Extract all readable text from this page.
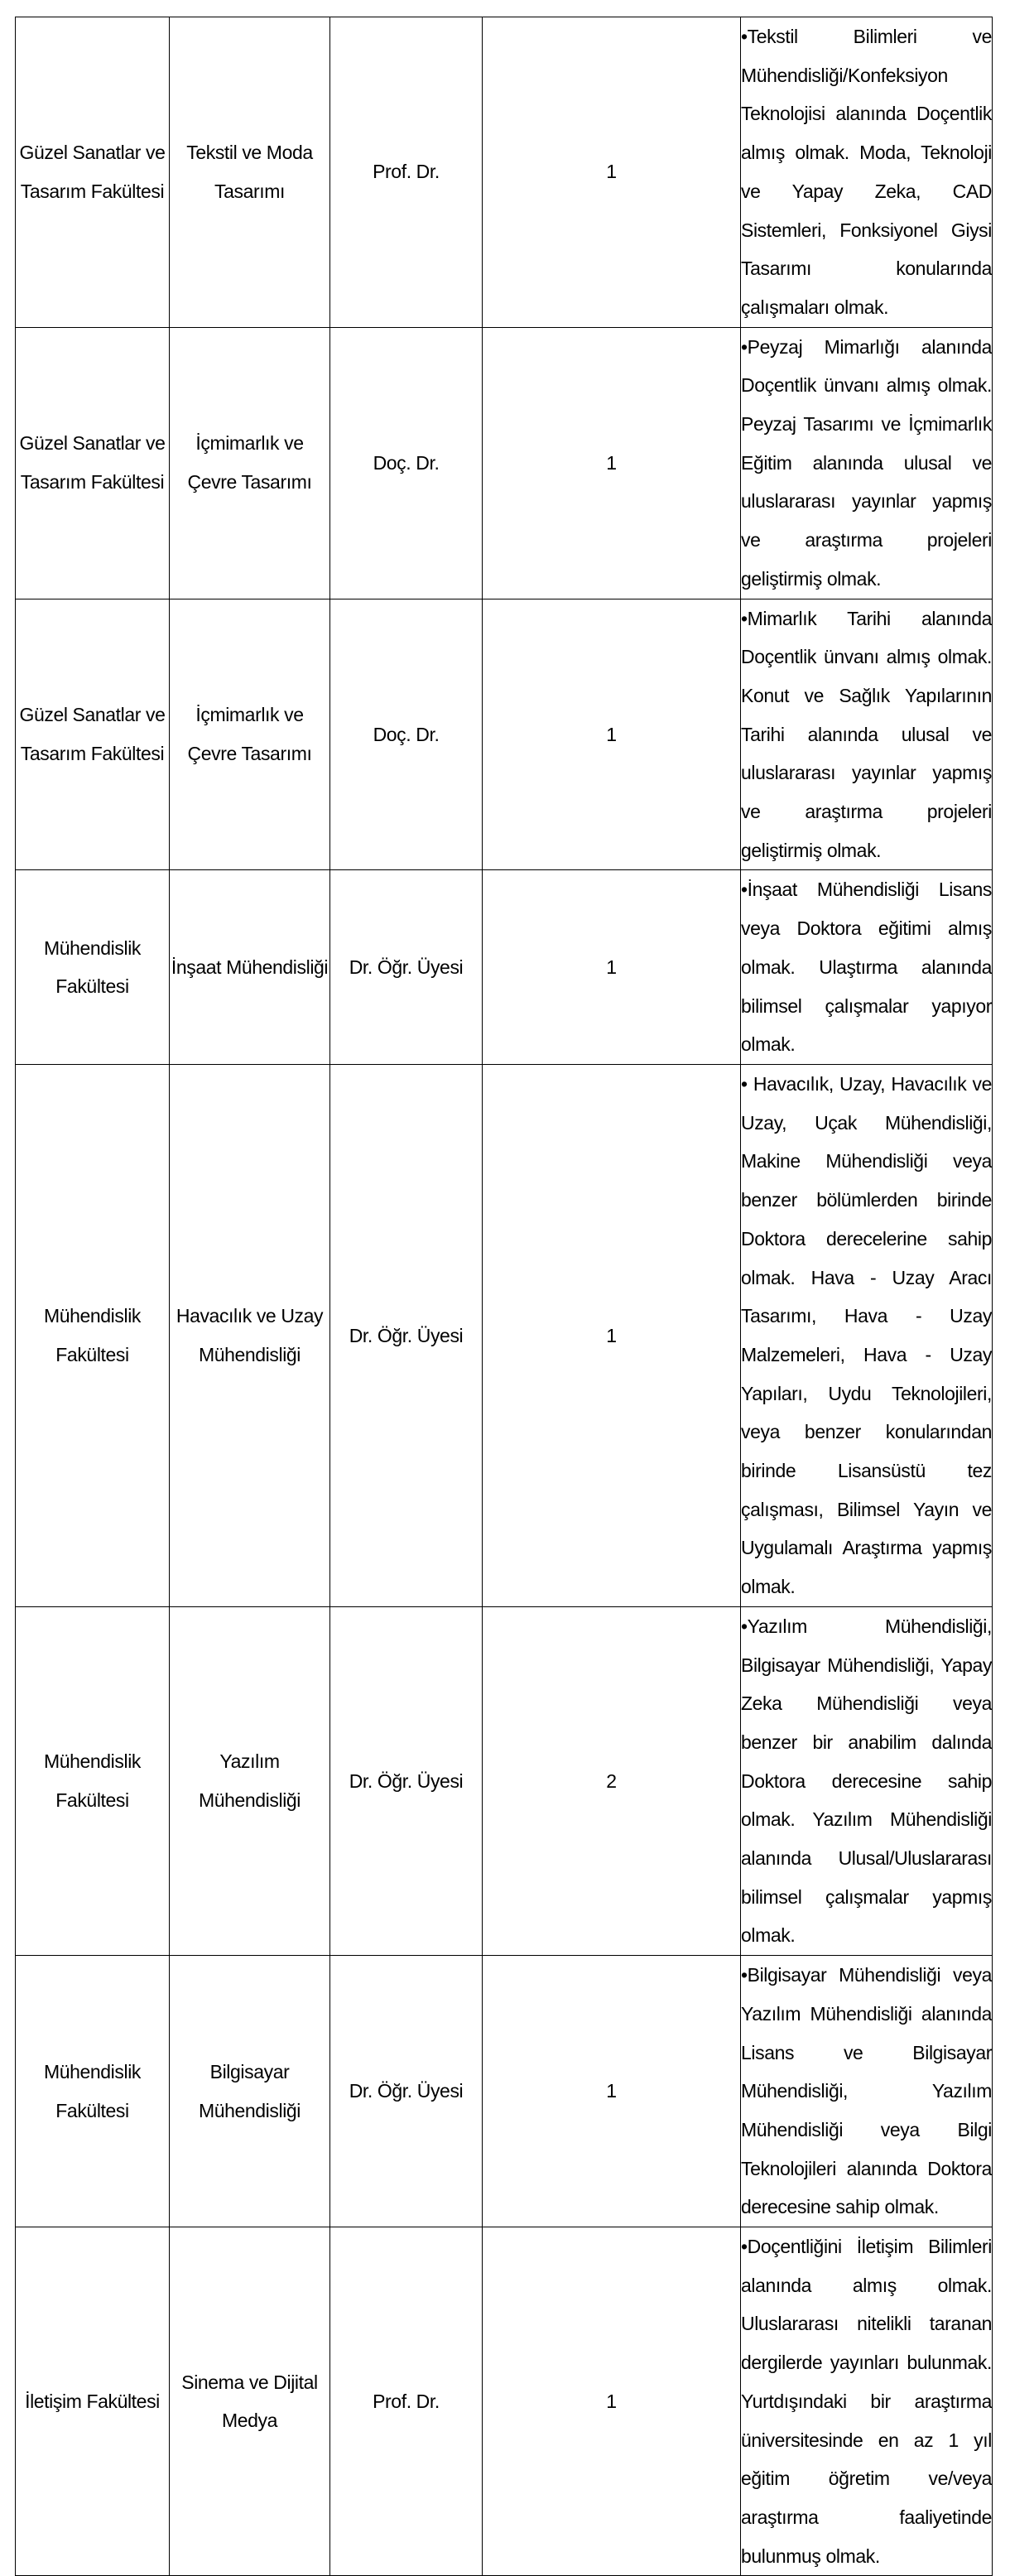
Güzel Sanatlar ve Tasarım Fakültesi	Tekstil ve Moda Tasarımı	Prof. Dr.	1	•Tekstil Bilimleri ve Mühendisliği/Konfeksiyon Teknolojisi alanında Doçentlik almış olmak. Moda, Teknoloji ve Yapay Zeka, CAD Sistemleri, Fonksiyonel Giysi Tasarımı konularında çalışmaları olmak.

Güzel Sanatlar ve Tasarım Fakültesi	İçmimarlık ve Çevre Tasarımı	Doç. Dr.	1	•Peyzaj Mimarlığı alanında Doçentlik ünvanı almış olmak. Peyzaj Tasarımı ve İçmimarlık Eğitim alanında ulusal ve uluslararası yayınlar yapmış ve araştırma projeleri geliştirmiş olmak.

Güzel Sanatlar ve Tasarım Fakültesi	İçmimarlık ve Çevre Tasarımı	Doç. Dr.	1	•Mimarlık Tarihi alanında Doçentlik ünvanı almış olmak. Konut ve Sağlık Yapılarının Tarihi alanında ulusal ve uluslararası yayınlar yapmış ve araştırma projeleri geliştirmiş olmak.

Mühendislik Fakültesi	İnşaat Mühendisliği	Dr. Öğr. Üyesi	1	•İnşaat Mühendisliği Lisans veya Doktora eğitimi almış olmak. Ulaştırma alanında bilimsel çalışmalar yapıyor olmak.

Mühendislik Fakültesi	Havacılık ve Uzay Mühendisliği	Dr. Öğr. Üyesi	1	• Havacılık, Uzay, Havacılık ve Uzay, Uçak Mühendisliği, Makine Mühendisliği veya benzer bölümlerden birinde Doktora derecelerine sahip olmak. Hava - Uzay Aracı Tasarımı, Hava - Uzay Malzemeleri, Hava - Uzay Yapıları, Uydu Teknolojileri, veya benzer konularından birinde Lisansüstü tez çalışması, Bilimsel Yayın ve Uygulamalı Araştırma yapmış olmak.

Mühendislik Fakültesi	Yazılım Mühendisliği	Dr. Öğr. Üyesi	2	•Yazılım Mühendisliği, Bilgisayar Mühendisliği, Yapay Zeka Mühendisliği veya benzer bir anabilim dalında Doktora derecesine sahip olmak. Yazılım Mühendisliği alanında Ulusal/Uluslararası bilimsel çalışmalar yapmış olmak.

Mühendislik Fakültesi	Bilgisayar Mühendisliği	Dr. Öğr. Üyesi	1	•Bilgisayar Mühendisliği veya Yazılım Mühendisliği alanında Lisans ve Bilgisayar Mühendisliği, Yazılım Mühendisliği veya Bilgi Teknolojileri alanında Doktora derecesine sahip olmak.

İletişim Fakültesi	Sinema ve Dijital Medya	Prof. Dr.	1	•Doçentliğini İletişim Bilimleri alanında almış olmak. Uluslararası nitelikli taranan dergilerde yayınları bulunmak. Yurtdışındaki bir araştırma üniversitesinde en az 1 yıl eğitim öğretim ve/veya araştırma faaliyetinde bulunmuş olmak.
